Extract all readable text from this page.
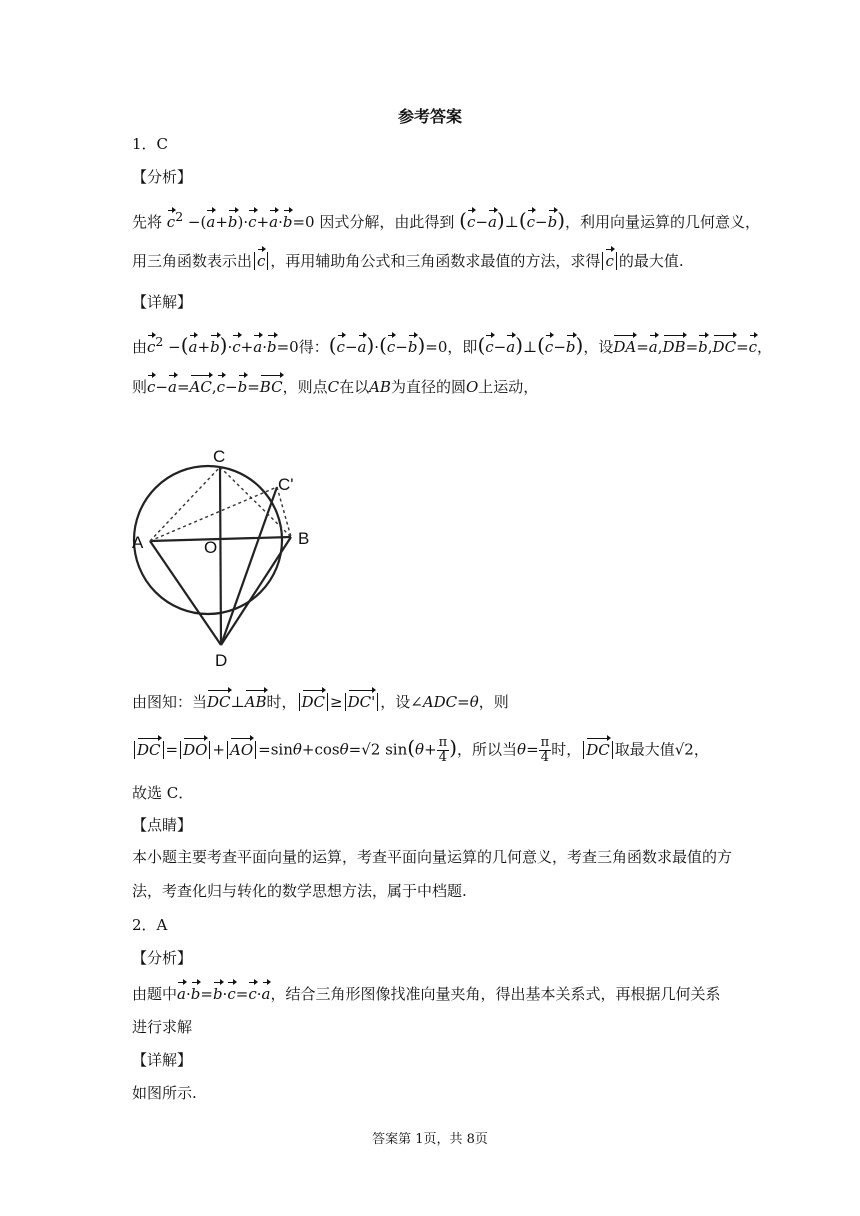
参考答案
1．C
【分析】
先将 $c^2 -(a+b)\cdot c+a\cdot b=0$ 因式分解，由此得到 (c−a)⊥(c−b)，利用向量运算的几何意义，
用三角函数表示出 c ，再用辅助角公式和三角函数求最值的方法，求得 c 的最大值.
【详解】
由$c^2 -(a+b)\cdot c+a\cdot b=0$得：(c−a)·(c−b)=0，即(c−a)⊥(c−b)，设DA=a,DB=b,DC=c，
则c−a=AC,c−b=BC，则点C在以AB为直径的圆O上运动，
C
C'
A	O	B
D
由图知：当DC⊥AB时， DC ≥ DC' ，设∠ADC=θ，则
DC = DO + AO =sinθ+cosθ=√2 $\sin(\theta+ \frac{\pi}{4}$ )，所以当$\theta= \frac{\pi}{4}$ 时， DC 取最大值√2，
故选 C．
【点睛】
本小题主要考查平面向量的运算，考查平面向量运算的几何意义，考查三角函数求最值的方
法，考查化归与转化的数学思想方法，属于中档题.
2．A
【分析】
由题中a·b=b·c=c·a，结合三角形图像找准向量夹角，得出基本关系式，再根据几何关系
进行求解
【详解】
如图所示.
答案第 1页，共 8页
